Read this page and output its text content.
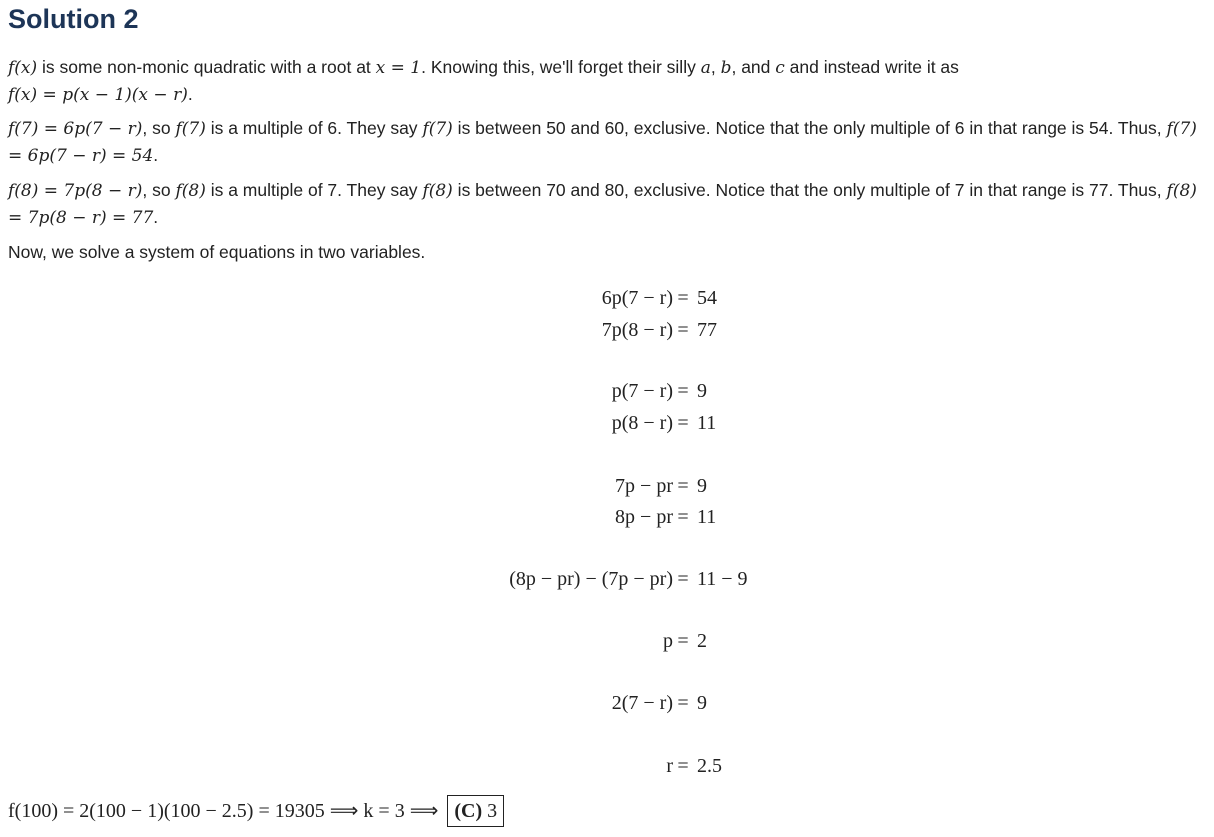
Solution 2
f(x) is some non-monic quadratic with a root at x = 1. Knowing this, we'll forget their silly a, b, and c and instead write it as
f(x) = p(x − 1)(x − r).
f(7) = 6p(7 − r), so f(7) is a multiple of 6. They say f(7) is between 50 and 60, exclusive. Notice that the only multiple of 6 in that range is 54. Thus, f(7) = 6p(7 − r) = 54.
f(8) = 7p(8 − r), so f(8) is a multiple of 7. They say f(8) is between 70 and 80, exclusive. Notice that the only multiple of 7 in that range is 77. Thus, f(8) = 7p(8 − r) = 77.
Now, we solve a system of equations in two variables.
6p(7 − r) = 54
7p(8 − r) = 77
p(7 − r) = 9
p(8 − r) = 11
7p − pr = 9
8p − pr = 11
(8p − pr) − (7p − pr) = 11 − 9
p = 2
2(7 − r) = 9
r = 2.5
f(100) = 2(100 − 1)(100 − 2.5) = 19305 ⟹ k = 3 ⟹ (C) 3
